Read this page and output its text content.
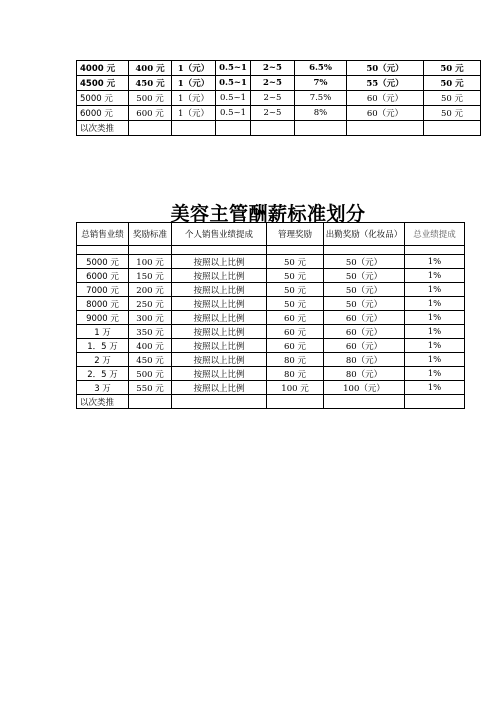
4000 元	400 元	1（元）	0.5~1	2~5	6.5%	50（元）	50 元
4500 元	450 元	1（元）	0.5~1	2~5	7%	55（元）	50 元
5000 元	500 元	1（元）	0.5~1	2~5	7.5%	60（元）	50 元
6000 元	600 元	1（元）	0.5~1	2~5	8%	60（元）	50 元
以次类推							
美容主管酬薪标准划分
总销售业绩	奖励标准	个人销售业绩提成	管理奖励	出勤奖励（化妆品）	总业绩提成

5000 元	100 元	按照以上比例	50 元	50（元）	1%
6000 元	150 元	按照以上比例	50 元	50（元）	1%
7000 元	200 元	按照以上比例	50 元	50（元）	1%
8000 元	250 元	按照以上比例	50 元	50（元）	1%
9000 元	300 元	按照以上比例	60 元	60（元）	1%
1 万	350 元	按照以上比例	60 元	60（元）	1%
1．5 万	400 元	按照以上比例	60 元	60（元）	1%
2 万	450 元	按照以上比例	80 元	80（元）	1%
2．5 万	500 元	按照以上比例	80 元	80（元）	1%
3 万	550 元	按照以上比例	100 元	100（元）	1%
以次类推					
